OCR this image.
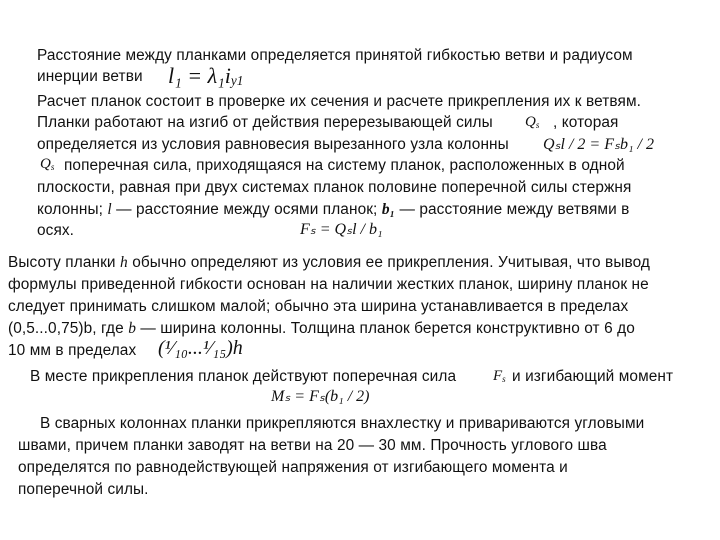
Расстояние между планками определяется принятой гибкостью ветви и радиусом
инерции ветви $l_1 = \lambda_1i_{y1}$
Расчет планок состоит в проверке их сечения и расчете прикрепления их к ветвям.
Планки работают на изгиб от действия перерезывающей силы $Q_s$ , которая
определяется из условия равновесия вырезанного узла колонны Qₛl / 2 = Fₛb₁ / 2
$Q_s$ поперечная сила, приходящаяся на систему планок, расположенных в одной
плоскости, равная при двух системах планок половине поперечной силы стержня
колонны; l — расстояние между осями планок; b₁ — расстояние между ветвями в
осях.	Fₛ = Qₛl / b₁
Высоту планки h обычно определяют из условия ее прикрепления. Учитывая, что вывод
формулы приведенной гибкости основан на наличии жестких планок, ширину планок не
следует принимать слишком малой; обычно эта ширина устанавливается в пределах
(0,5...0,75)b, где b — ширина колонны. Толщина планок берется конструктивно от 6 до
10 мм в пределах (¹⁄₁₀...¹⁄₁₅)h
В месте прикрепления планок действуют поперечная сила $F_s$ и изгибающий момент
Mₛ = Fₛ(b₁ / 2)
В сварных колоннах планки прикрепляются внахлестку и привариваются угловыми
швами, причем планки заводят на ветви на 20 — 30 мм. Прочность углового шва
определятся по равнодействующей напряжения от изгибающего момента и
поперечной силы.
